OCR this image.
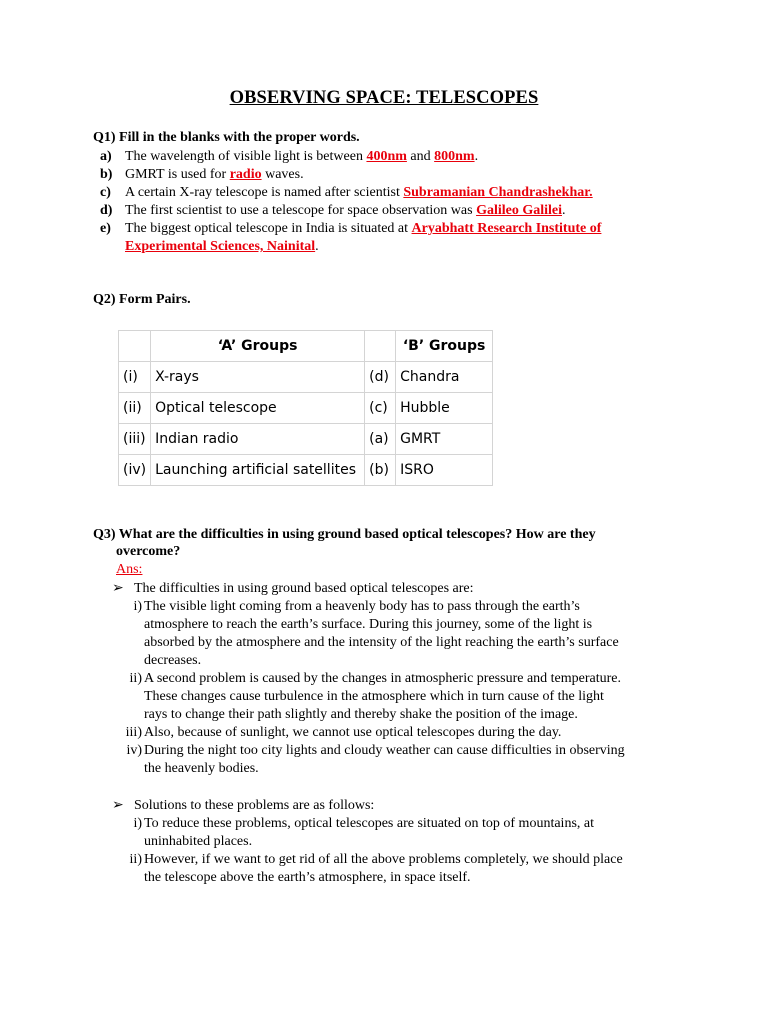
OBSERVING SPACE: TELESCOPES
Q1) Fill in the blanks with the proper words.
a) The wavelength of visible light is between 400nm and 800nm.
b) GMRT is used for radio waves.
c)	A certain X-ray telescope is named after scientist Subramanian Chandrashekhar.
d) The first scientist to use a telescope for space observation was Galileo Galilei.
e)	The biggest optical telescope in India is situated at Aryabhatt Research Institute of
Experimental Sciences, Nainital.
Q2) Form Pairs.
	‘A’ Groups		‘B’ Groups
(i)	X-rays	(d)	Chandra
(ii)	Optical telescope	(c)	Hubble
(iii)	Indian radio	(a)	GMRT
(iv)	Launching artificial satellites	(b)	ISRO
Q3) What are the difficulties in using ground based optical telescopes? How are they
overcome?
Ans:
➢ The difficulties in using ground based optical telescopes are:
i) The visible light coming from a heavenly body has to pass through the earth’s
atmosphere to reach the earth’s surface. During this journey, some of the light is
absorbed by the atmosphere and the intensity of the light reaching the earth’s surface
decreases.
ii) A second problem is caused by the changes in atmospheric pressure and temperature.
These changes cause turbulence in the atmosphere which in turn cause of the light
rays to change their path slightly and thereby shake the position of the image.
iii) Also, because of sunlight, we cannot use optical telescopes during the day.
iv) During the night too city lights and cloudy weather can cause difficulties in observing
the heavenly bodies.
➢ Solutions to these problems are as follows:
i) To reduce these problems, optical telescopes are situated on top of mountains, at
uninhabited places.
ii) However, if we want to get rid of all the above problems completely, we should place
the telescope above the earth’s atmosphere, in space itself.
